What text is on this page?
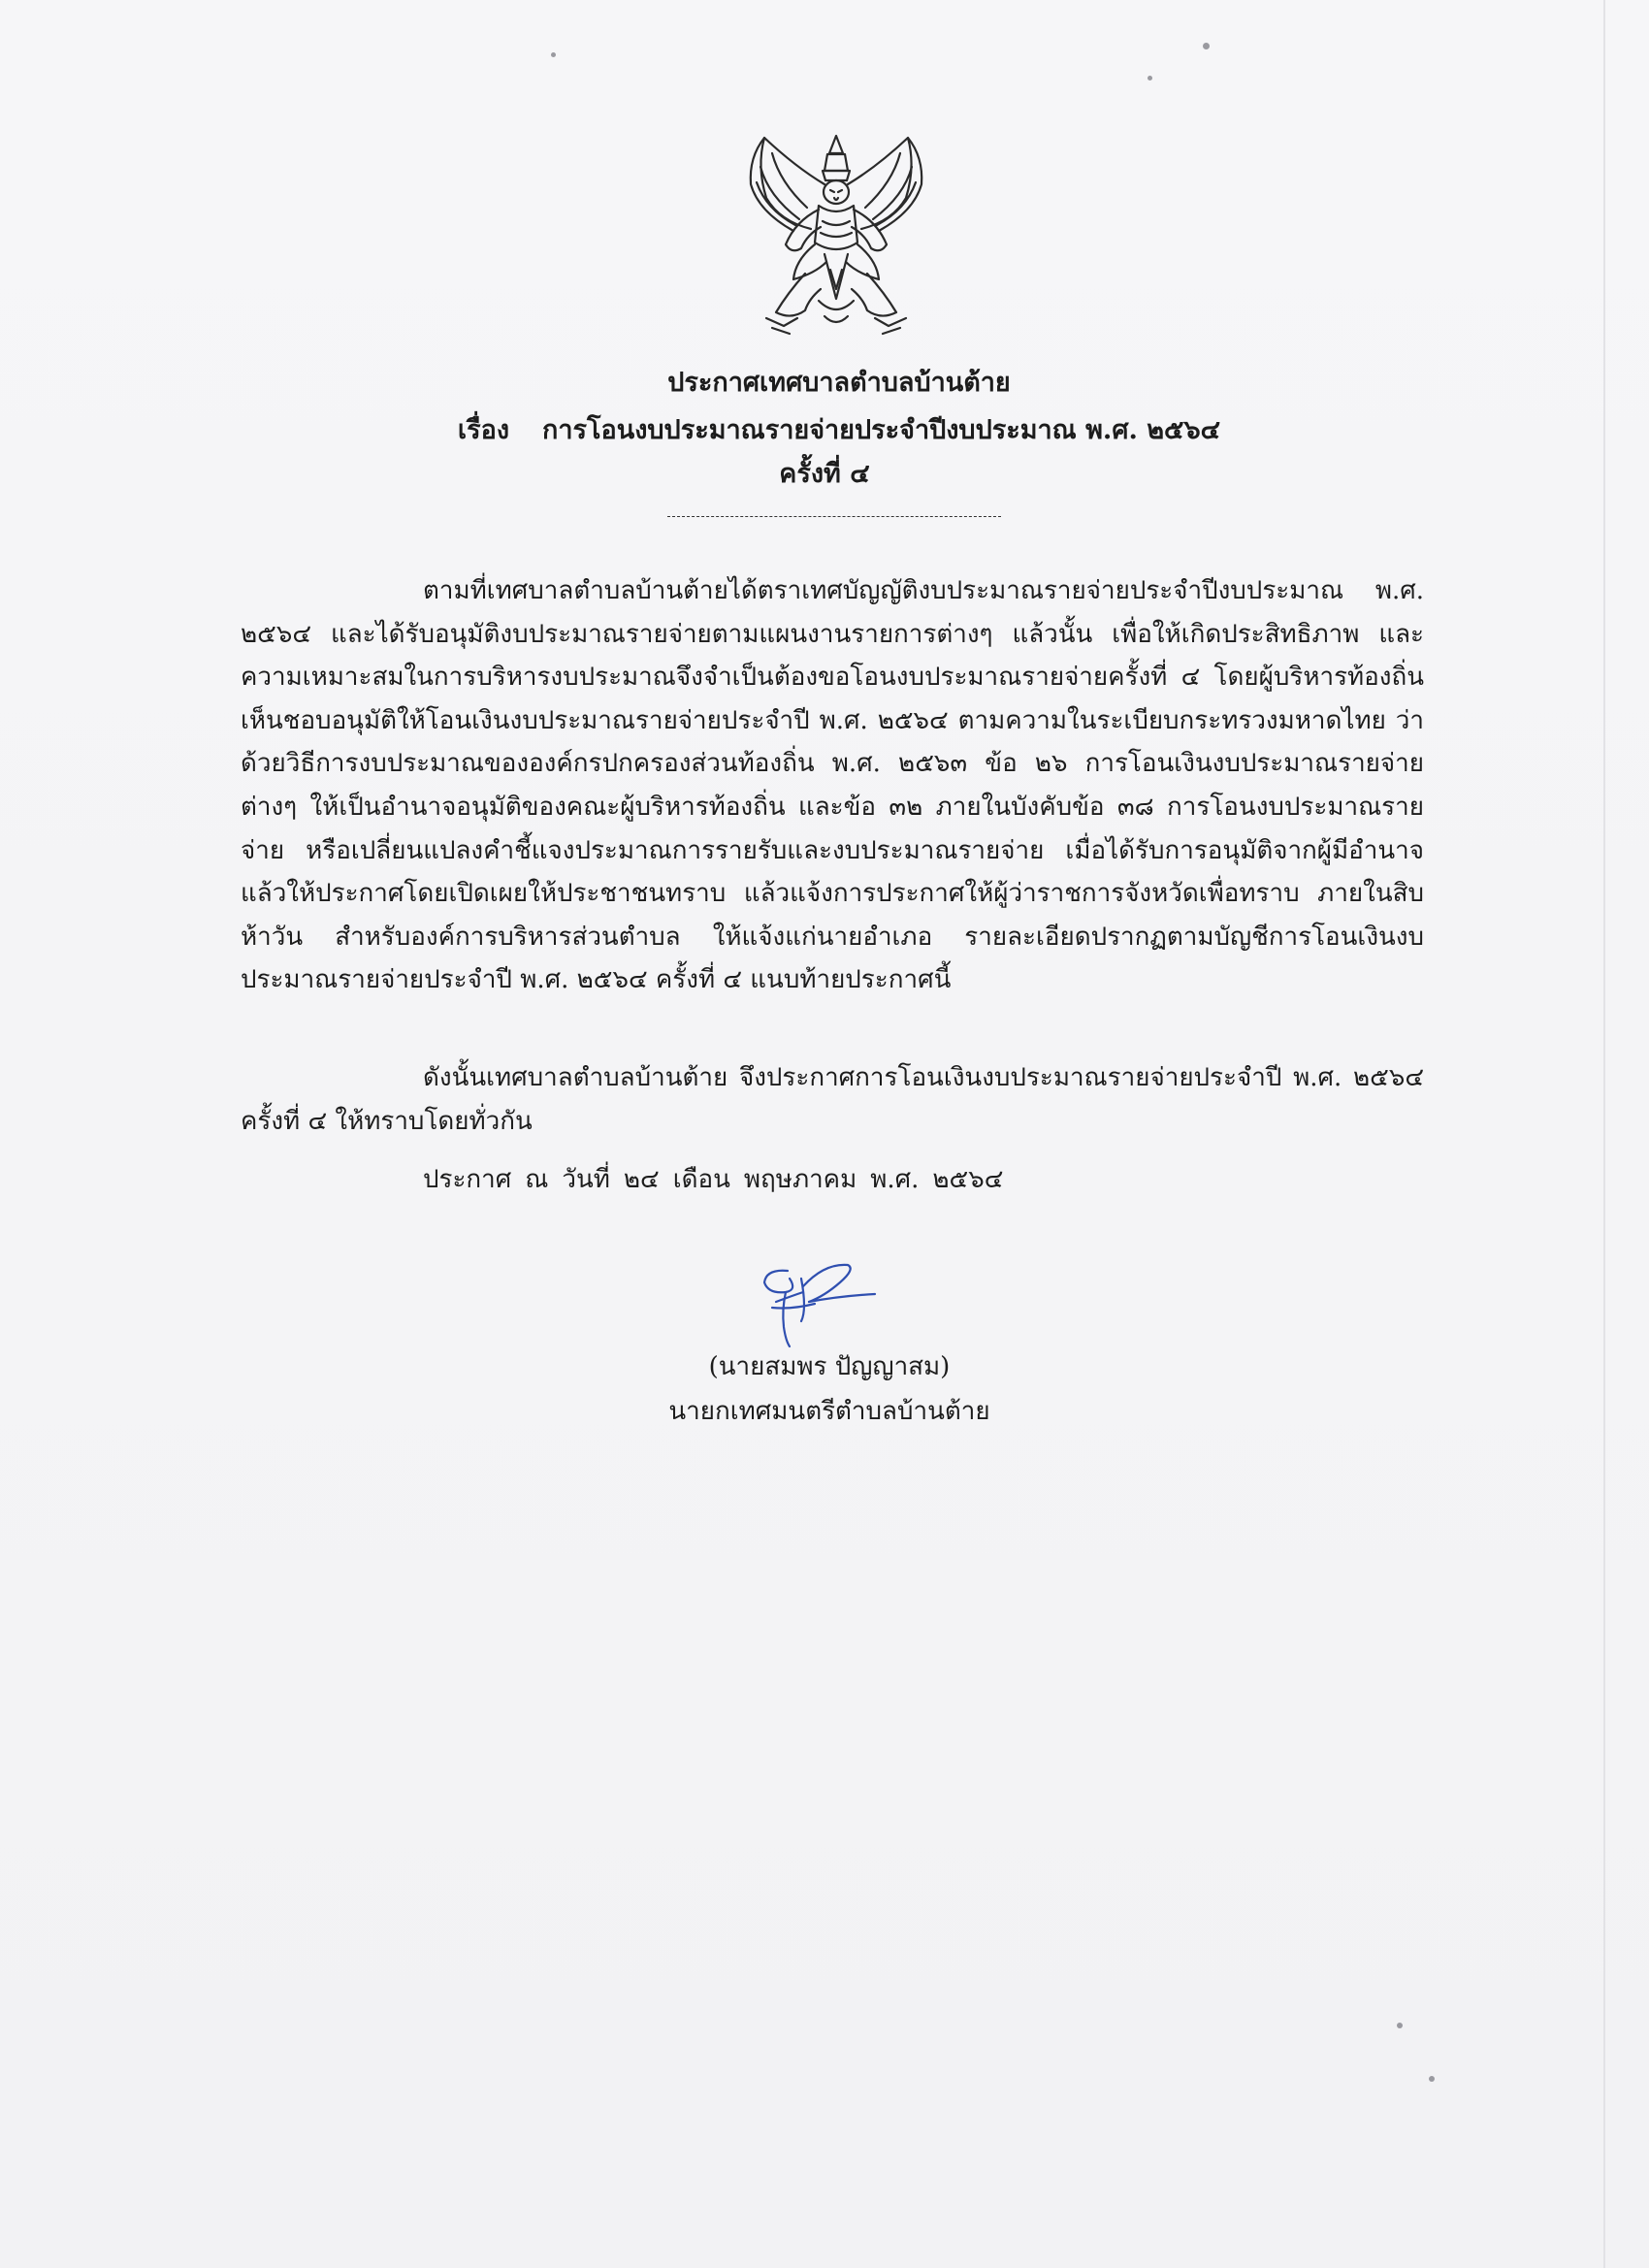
ประกาศเทศบาลตำบลบ้านต้าย
เรื่อง การโอนงบประมาณรายจ่ายประจำปีงบประมาณ พ.ศ. ๒๕๖๔
ครั้งที่ ๔
ตามที่เทศบาลตำบลบ้านต้ายได้ตราเทศบัญญัติงบประมาณรายจ่ายประจำปีงบประมาณ พ.ศ. ๒๕๖๔ และได้รับอนุมัติงบประมาณรายจ่ายตามแผนงานรายการต่างๆ แล้วนั้น เพื่อให้เกิดประสิทธิภาพ และ ความเหมาะสมในการบริหารงบประมาณจึงจำเป็นต้องขอโอนงบประมาณรายจ่ายครั้งที่ ๔ โดยผู้บริหารท้องถิ่น เห็นชอบอนุมัติให้โอนเงินงบประมาณรายจ่ายประจำปี พ.ศ. ๒๕๖๔ ตามความในระเบียบกระทรวงมหาดไทย ว่าด้วยวิธีการงบประมาณขององค์กรปกครองส่วนท้องถิ่น พ.ศ. ๒๕๖๓ ข้อ ๒๖ การโอนเงินงบประมาณรายจ่ายต่างๆ ให้เป็นอำนาจอนุมัติของคณะผู้บริหารท้องถิ่น และข้อ ๓๒ ภายในบังคับข้อ ๓๘ การโอนงบประมาณรายจ่าย หรือเปลี่ยนแปลงคำชี้แจงประมาณการรายรับและงบประมาณรายจ่าย เมื่อได้รับการอนุมัติจากผู้มีอำนาจแล้วให้ประกาศโดยเปิดเผยให้ประชาชนทราบ แล้วแจ้งการประกาศให้ผู้ว่าราชการจังหวัดเพื่อทราบ ภายในสิบห้าวัน สำหรับองค์การบริหารส่วนตำบล ให้แจ้งแก่นายอำเภอ รายละเอียดปรากฏตามบัญชีการโอนเงินงบประมาณรายจ่ายประจำปี พ.ศ. ๒๕๖๔ ครั้งที่ ๔ แนบท้ายประกาศนี้
ดังนั้นเทศบาลตำบลบ้านต้าย จึงประกาศการโอนเงินงบประมาณรายจ่ายประจำปี พ.ศ. ๒๕๖๔ ครั้งที่ ๔ ให้ทราบโดยทั่วกัน
ประกาศ ณ วันที่ ๒๔ เดือน พฤษภาคม พ.ศ. ๒๕๖๔
(นายสมพร ปัญญาสม)
นายกเทศมนตรีตำบลบ้านต้าย
